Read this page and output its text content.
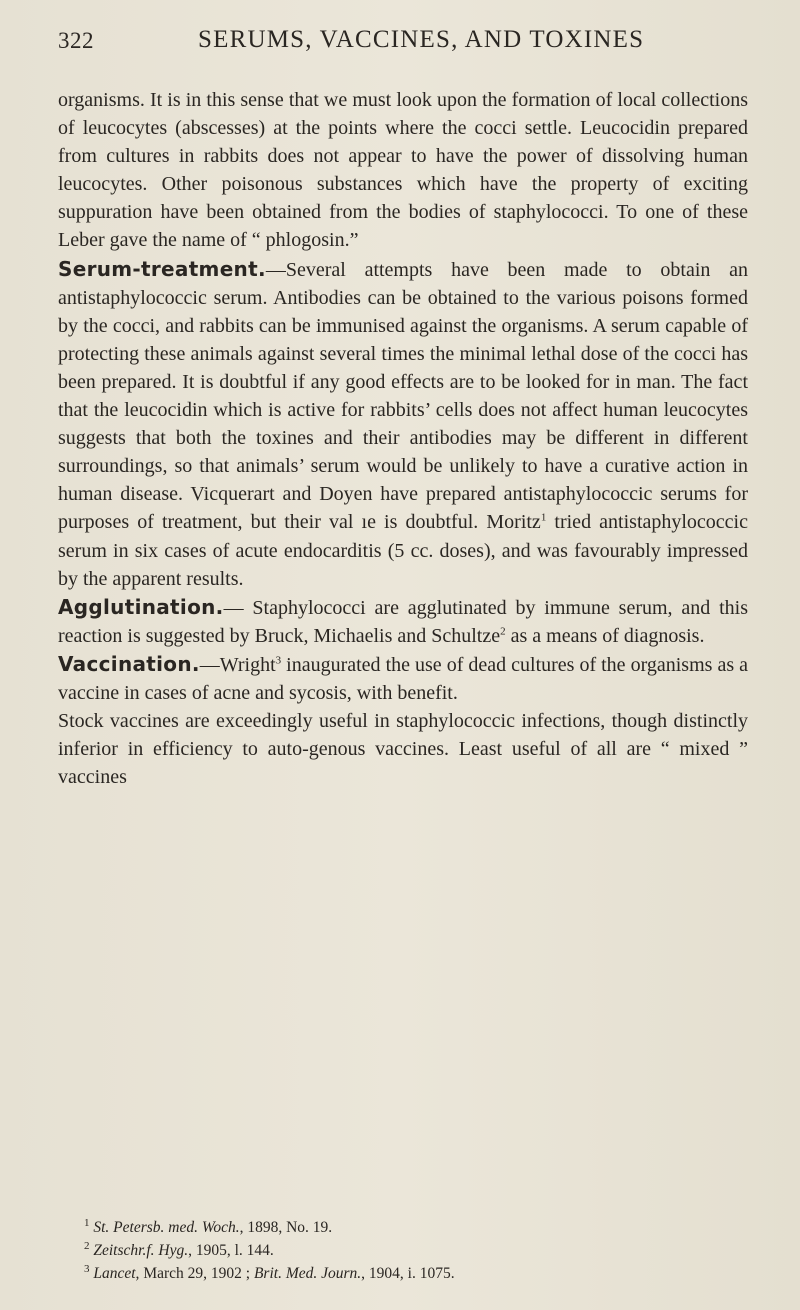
322	SERUMS, VACCINES, AND TOXINES

organisms. It is in this sense that we must look upon the formation of local collections of leucocytes (abscesses) at the points where the cocci settle. Leucocidin prepared from cultures in rabbits does not appear to have the power of dissolving human leucocytes. Other poisonous substances which have the property of exciting suppuration have been obtained from the bodies of staphylococci. To one of these Leber gave the name of “ phlogosin.”

Serum-treatment.—Several attempts have been made to obtain an antistaphylococcic serum. Antibodies can be obtained to the various poisons formed by the cocci, and rabbits can be immunised against the organisms. A serum capable of protecting these animals against several times the minimal lethal dose of the cocci has been prepared. It is doubtful if any good effects are to be looked for in man. The fact that the leucocidin which is active for rabbits’ cells does not affect human leucocytes suggests that both the toxines and their antibodies may be different in different surroundings, so that animals’ serum would be unlikely to have a curative action in human disease. Vicquerart and Doyen have prepared antistaphylococcic serums for purposes of treatment, but their val ıe is doubtful. Moritz$^1$ tried antistaphylococcic serum in six cases of acute endocarditis (5 cc. doses), and was favourably impressed by the apparent results.

Agglutination.— Staphylococci are agglutinated by immune serum, and this reaction is suggested by Bruck, Michaelis and Schultze$^2$ as a means of diagnosis.

Vaccination.—Wright$^3$ inaugurated the use of dead cultures of the organisms as a vaccine in cases of acne and sycosis, with benefit.

Stock vaccines are exceedingly useful in staphylococcic infections, though distinctly inferior in efficiency to auto-genous vaccines. Least useful of all are “ mixed ” vaccines

$^1$ St. Petersb. med. Woch., 1898, No. 19.
$^2$ Zeitschr.f. Hyg., 1905, l. 144.
$^3$ Lancet, March 29, 1902 ; Brit. Med. Journ., 1904, i. 1075.
